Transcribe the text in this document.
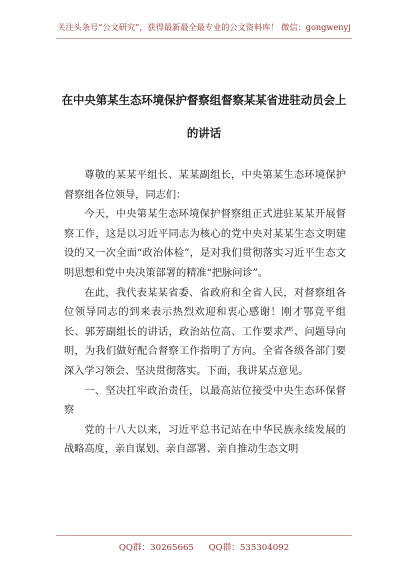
关注头条号“公文研究”，获得最新最全最专业的公文资料库！ 微信：gongwenyj
在中央第某生态环境保护督察组督察某某省进驻动员会上
的讲话

尊敬的某某平组长、某某副组长，中央第某生态环境保护督察组各位领导，同志们：

今天，中央第某生态环境保护督察组正式进驻某某开展督察工作，这是以习近平同志为核心的党中央对某某生态文明建设的又一次全面“政治体检”，是对我们贯彻落实习近平生态文明思想和党中央决策部署的精准“把脉问诊”。

在此，我代表某某省委、省政府和全省人民，对督察组各位领导同志的到来表示热烈欢迎和衷心感谢！刚才鄂竞平组长、郭芳副组长的讲话，政治站位高、工作要求严、问题导向明，为我们做好配合督察工作指明了方向。全省各级各部门要深入学习领会、坚决贯彻落实。下面，我讲某点意见。

一、坚决扛牢政治责任，以最高站位接受中央生态环保督察

党的十八大以来，习近平总书记站在中华民族永续发展的战略高度，亲自谋划、亲自部署、亲自推动生态文明

QQ群：30265665 QQ群：535304092
